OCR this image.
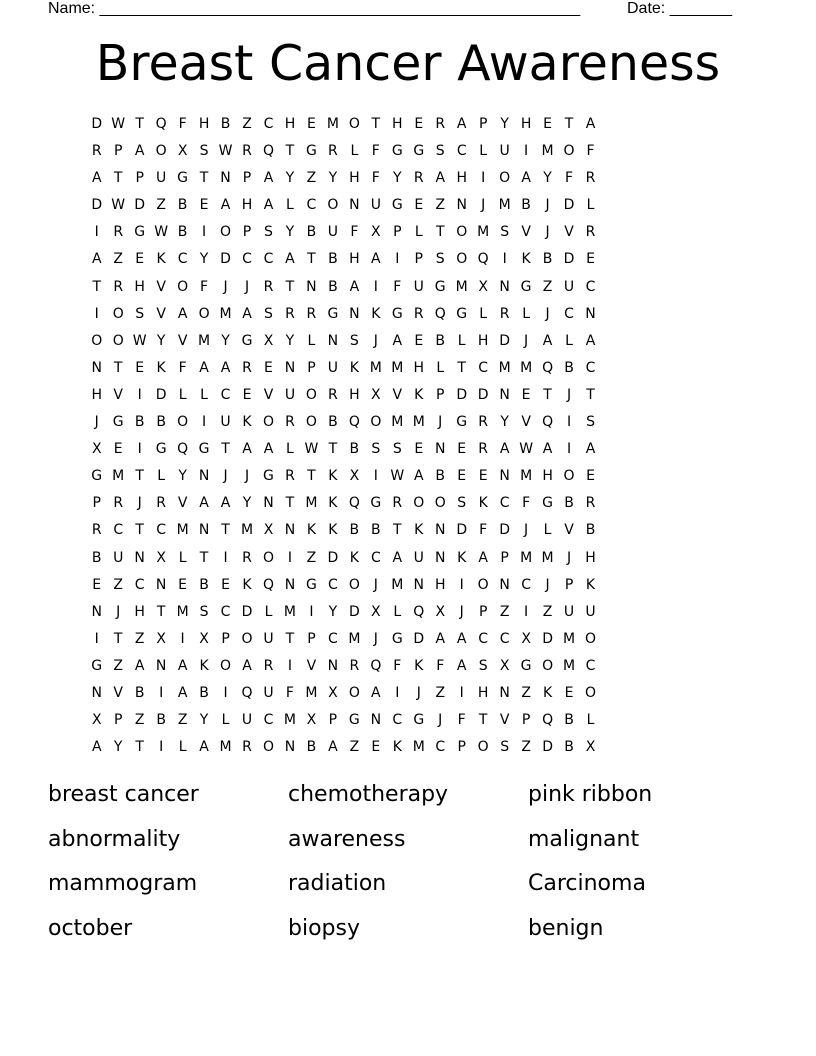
Name: ______________________________________________________	Date: _______
Breast Cancer Awareness
D W T Q F H B Z C H E M O T H E R A P Y H E T A
R P A O X S W R Q T G R L F G G S C L U	I M O F
A T P U G T N P A Y Z Y H F Y R A H	I O A Y F R
D W D Z B E A H A L C O N U G E Z N	J M B	J	D L
I	R G W B	I O P S Y B U F X P L T O M S V	J	V R
A Z E K C Y D C C A T B H A	I	P S O Q I	K B D E
T R H V O F	J	J	R T N B A	I	F U G M X N G Z U C
I O S V A O M A S R R G N K G R Q G L R L	J	C N
O O W Y V M Y G X Y L N S	J	A E B L H D	J	A L A
N T E K F A A R E N P U K M M H L T C M M Q B C
H V	I	D L L C E V U O R H X V K P D D N E T	J	T
J G B B O I	U K O R O B Q O M M J G R Y V Q I	S
X E	I G Q G T A A L W T B S S E N E R A W A	I	A
G M T L Y N	J	J G R T K X	I W A B E E N M H O E
P R	J	R V A A Y N T M K Q G R O O S K C F G B R
R C T C M N T M X N K K B B T K N D F D	J	L V B
B U N X L T	I	R O I	Z D K C A U N K A P M M J	H
E Z C N E B E K Q N G C O J M N H	I O N C	J	P K
N	J	H T M S C D L M I	Y D X L Q X	J	P Z	I	Z U U
I	T Z X	I	X P O U T P C M J G D A A C C X D M O
G Z A N A K O A R	I	V N R Q F K F A S X G O M C
N V B	I	A B	I Q U F M X O A	I	J	Z	I	H N Z K E O
X P Z B Z Y L U C M X P G N C G J	F T V P Q B L
A Y T	I	L A M R O N B A Z E K M C P O S Z D B X
breast cancer	chemotherapy	pink ribbon
abnormality	awareness	malignant
mammogram	radiation	Carcinoma
october	biopsy	benign
